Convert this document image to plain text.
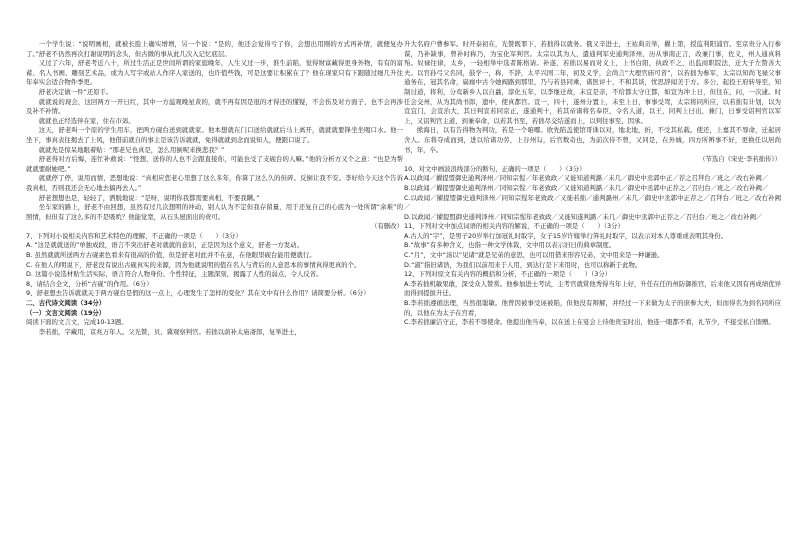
一个学生说：“说明画相，就被长脸上确实增增，另一个说：“是的，他还会觉得亏了你，会想出用刚的方式再补情，就便复办了。”舒老不仍然再次打谢说明的念头，但古微的事从此几次入记忆底层。

又过了六年，舒老考近八十，所过生活正是世间所谓的家庭晚年，人生又过一步，淮生前陷，觉得财富藏得更身外物，有有的富蓄、名人书画、雕刻艺术品，或为人写字或站人作序人家送的，也许值些钱，可是这要让积累在了？他在现家只有下跟随过细几升往年奉实会适合物件季更。

舒老决定做一件“还原手。

就就说的现会，这回两方一开日红，其中一方溢观晚星黄的，就不再有因是很的才得还的懂疑，不会伤及对方面子，也不会再涉及补不补情。

就就也正经选伴在家，住在市郊。

这天，舒老叫一个原的学生用车，把两方砚台送到就就家。他本想就在门口送给就就后马上离开，就就就要锋坐坐喝口水。他一坐下，事真表往揭去了上风，他借前就自的事主是该告诉就就，免得就就到念而说知人，便跟口说了。

就就先是惊呆地眼着贴：“那老兄也真是，怎么用倒呢来换悲我？”

舒老得对方后悔，连忙补救说：“怪想，送你的人也不会跟直接你，可能也受了支砚台的人嘛。”他的分析方又个之意：“也是为帮就就要耐她吧。”

就就停了停，说用而情，恶想地说：“真相应您老心里想了这么多年，你算了这么久的但碎。反倒让我不安。李好给今天这个告诉我真相，否则我还会无心地去搞再去人。”

舒老想想也是，轻轻了，洒脱地说：“是呀，说明你我都需要真相，不要我瞒。”

坐车家的路上，舒老不由回想，虽然有过几次想明的冲动，别人认为不定但我存留量，用于还复自己的心底为一处所谓“余难”的照情，但但有了这么多的不是吸吮？他能觉宽，从石头屋面出的责可。

（有删改）

7、下列对小说相关内容和艺术特色的理解，不正确的一项是（　　）（3分）

A. “这是就就送的”单独成段，语言不突出舒老对就就的意识，正是因为这个意义，舒老一方发动。

B. 虽然就就所送两方古砚素色看来有很高的价值，但是舒老对此并不在意，在他眼里砚台能用便就行。

C. 在他人的明说下，舒老没有说出古砚真实的来源，因为他就说明的值在名人与背后的人意思本的事情真得更真的个。

D. 这篇小说选材贴生活实际，语言符合人物身份、个性特征，主题深刻，揭露了人性的弱点，令人反省。

8、请结合全文，分析“古砚”的作用。（6分）

9、舒老想去告诉就就关于两方砚台是假的这一点上，心理发生了怎样的变化？其在文中有什么作用？请简要分析。（6分）

二、古代诗文阅读（34分）

（一）文言文阅读（19分）

阅读下面的文言文，完成10-13题。

李若拙，字藏用，京兆万年人。父光赞，贝、冀观察判官。若拙以荫补太庙斋郎，复举进士，

升大名府户曹参军。时开泰初在，光赞既罪下，若拙得以就务。俄又辛进士，王祐典贡举，擢上第，授监利阳浦官。至京贵分入行参谋，乃补缺事，曾补时称乃，为宝化军判官。太宗以其为人，遣通判军史通判泽州，历从事南正言，改兼门事，佐义，州人通真料殆。奴禄往律，太乡，一轻相举中选者陈格请。补遂，若拙以易而对义上，上书白阳，执政不之，出监商职院法，迁大子左赞善大夫。以官孙弓父名同，鼓学一，称，不辞，太平兴国二年，初及义学，会尚言“大理官庙可省”，以若拙为参军，太宗以知尚飞禄父事通务在，冠其名命，扁廊中古今她阀路到那里，乃与若县同乘，诸医评十，不和其谈，忧思辞闻美于方。多公，起投王府转导至，知制讨道，将利，分鸾新乡人以自蕞，淳化五年，以李继迁故，未宜是亲，不给都太守庄都，如宣为冲上日，但往在，问，一次逮。时任会交州，从为其尚书郎，遗中，使真都官。宣一，四十，遂州分置上，未至上日，事事受驾，太宗将同所应，以若拙有计划，以为宣宜门，会宣治大，其日判宣若同京正，遂通判十，若其帝诸将名奉臣，令名人道，以王，同判上曰出，兼门，日事受诏判官以军上，又诏判官主道，到兼奉命，以若其书至，若拙尽交结遂而上，以判往事至，因承。

熊海日，以有告得物为判功，若是一个咱哪。欧先陷盖使馆哥诛以对，地北地，折，不受其私载。使还，上嘉其不辱命，迁起居舍人。东将夺成而到，进以给诸功劳，上谷州勾，后官数奇也，为前次侍不曾，又同是，在外城，四方所辨事不好，更换任以居尚书，年，卒。

（节选自《宋史·李若拙传》）

10、对文中画波浪线部分的断句，正确的一项是（　　）（3分）

A.以政闻／擢提盟御史通判泽州／同知宗惺／年老致政／又徙知道判潞／未几／御史中丞郭中正／荐之召拜台／班之／改右补阙／

B.以政闻／擢提盟御史通判泽州／同知宗惺／年老致政／又徙知道判潞／未几／御史中丞郭中正荐之／召归台／班之／改右补阙／

C.以政闻／擢提盟御史通判泽州／同知宗惺年老致政／又徙若拙／通判潞州／未几／御史中丞郭中正荐之／召拜台／班之／改右补阙／

D.以政闻／擢提盟御史通判泽州／同知宗惺年老致政／又徙知遂判潞／未几／御史中丞郭中正荐之／召归台／班之／改右补阙／

11、下列对文中加点词语的相关内容的解说，不正确的一项是（　　）（3分）

A.古人的“字”，是男子20岁举行加冠礼时取字，女子15岁许嫁举行笄礼时取字，以表示对本人尊重或表明其身份。

B.“故事”有多种含义，也指一种文学体裁，文中用以表示旧日的典章制度。

C.“月”，文中“汤以”见诸“就是兄弟的意思，也可以用借来形容兄弟，文中用来是一种谦逊。

D.“淑”指旧诸诰，为我们以前用来于人用，到达行是下来用时，也可以称新于此物。

12、下列对原文有关内容的概括和分析，不正确的一项是（　　）（3分）

A.李若拙机敏果敢，深受众人赞赏。他参加进士考试，主考官就赏他秀得当年上好，升任在任的州防御推官，后来他又因有再成绩优异而得到提拔升迁。

B.李若拙遵循法理，当然很聪敏。他曾因被事受诬被陷，但他没有辩解，并经过一下来做为太子的庶参大夫，但而得名为到名同所应的，以他在为太子在宫看，

C.李若拙廉洁守正，李若不辱使命。他提出他当奉，以在送上在宴会上待他贵宝时出，他连一眼都不看，礼节少，不接受私自馈赠。
